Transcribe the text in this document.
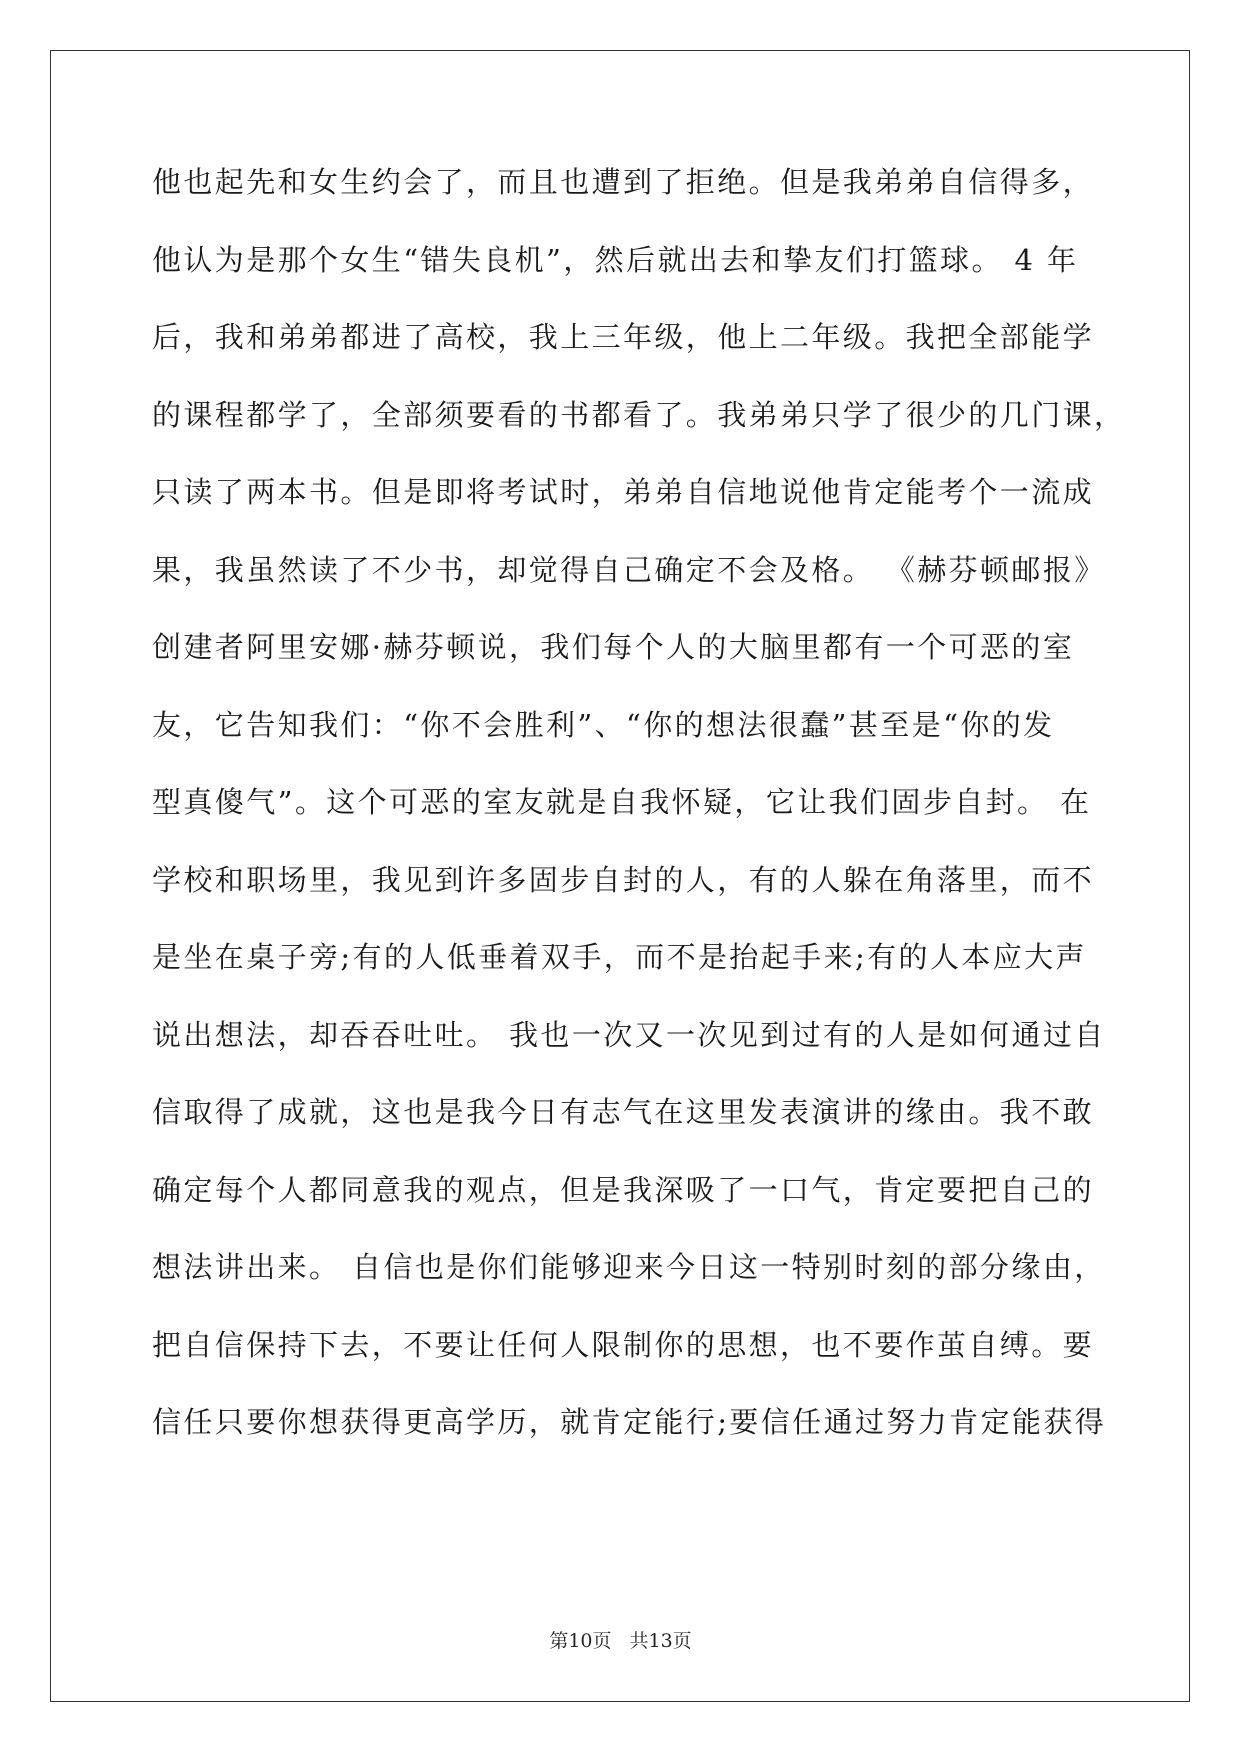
他也起先和女生约会了，而且也遭到了拒绝。但是我弟弟自信得多，
他认为是那个女生“错失良机”，然后就出去和挚友们打篮球。 4 年
后，我和弟弟都进了高校，我上三年级，他上二年级。我把全部能学
的课程都学了，全部须要看的书都看了。我弟弟只学了很少的几门课，
只读了两本书。但是即将考试时，弟弟自信地说他肯定能考个一流成
果，我虽然读了不少书，却觉得自己确定不会及格。 《赫芬顿邮报》
创建者阿里安娜·赫芬顿说，我们每个人的大脑里都有一个可恶的室
友，它告知我们：“你不会胜利”、“你的想法很蠢”甚至是“你的发
型真傻气”。这个可恶的室友就是自我怀疑，它让我们固步自封。 在
学校和职场里，我见到许多固步自封的人，有的人躲在角落里，而不
是坐在桌子旁;有的人低垂着双手，而不是抬起手来;有的人本应大声
说出想法，却吞吞吐吐。 我也一次又一次见到过有的人是如何通过自
信取得了成就，这也是我今日有志气在这里发表演讲的缘由。我不敢
确定每个人都同意我的观点，但是我深吸了一口气，肯定要把自己的
想法讲出来。 自信也是你们能够迎来今日这一特别时刻的部分缘由，
把自信保持下去，不要让任何人限制你的思想，也不要作茧自缚。要
信任只要你想获得更高学历，就肯定能行;要信任通过努力肯定能获得
第10页 共13页
